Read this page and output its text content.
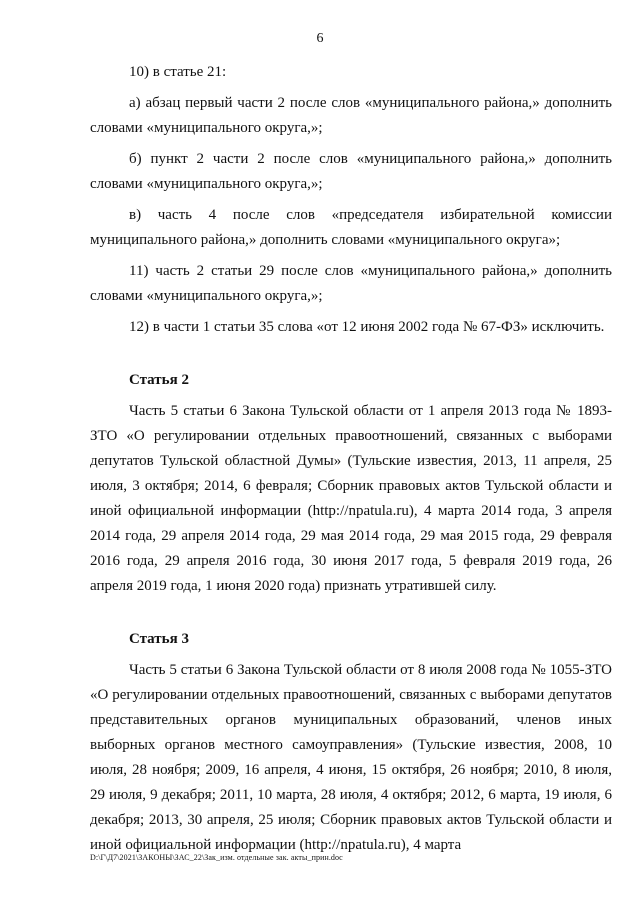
6

10) в статье 21:

а) абзац первый части 2 после слов «муниципального района,» дополнить словами «муниципального округа,»;

б) пункт 2 части 2 после слов «муниципального района,» дополнить словами «муниципального округа,»;

в) часть 4 после слов «председателя избирательной комиссии муниципального района,» дополнить словами «муниципального округа»;

11) часть 2 статьи 29 после слов «муниципального района,» дополнить словами «муниципального округа,»;

12) в части 1 статьи 35 слова «от 12 июня 2002 года № 67-ФЗ» исключить.

Статья 2

Часть 5 статьи 6 Закона Тульской области от 1 апреля 2013 года № 1893-ЗТО «О регулировании отдельных правоотношений, связанных с выборами депутатов Тульской областной Думы» (Тульские известия, 2013, 11 апреля, 25 июля, 3 октября; 2014, 6 февраля; Сборник правовых актов Тульской области и иной официальной информации (http://npatula.ru), 4 марта 2014 года, 3 апреля 2014 года, 29 апреля 2014 года, 29 мая 2014 года, 29 мая 2015 года, 29 февраля 2016 года, 29 апреля 2016 года, 30 июня 2017 года, 5 февраля 2019 года, 26 апреля 2019 года, 1 июня 2020 года) признать утратившей силу.

Статья 3

Часть 5 статьи 6 Закона Тульской области от 8 июля 2008 года № 1055-ЗТО «О регулировании отдельных правоотношений, связанных с выборами депутатов представительных органов муниципальных образований, членов иных выборных органов местного самоуправления» (Тульские известия, 2008, 10 июля, 28 ноября; 2009, 16 апреля, 4 июня, 15 октября, 26 ноября; 2010, 8 июля, 29 июля, 9 декабря; 2011, 10 марта, 28 июля, 4 октября; 2012, 6 марта, 19 июля, 6 декабря; 2013, 30 апреля, 25 июля; Сборник правовых актов Тульской области и иной официальной информации (http://npatula.ru), 4 марта

D:\Г\Д7\2021\ЗАКОНЫ\ЗАС_22\Зак_изм. отдельные зак. акты_прин.doc
